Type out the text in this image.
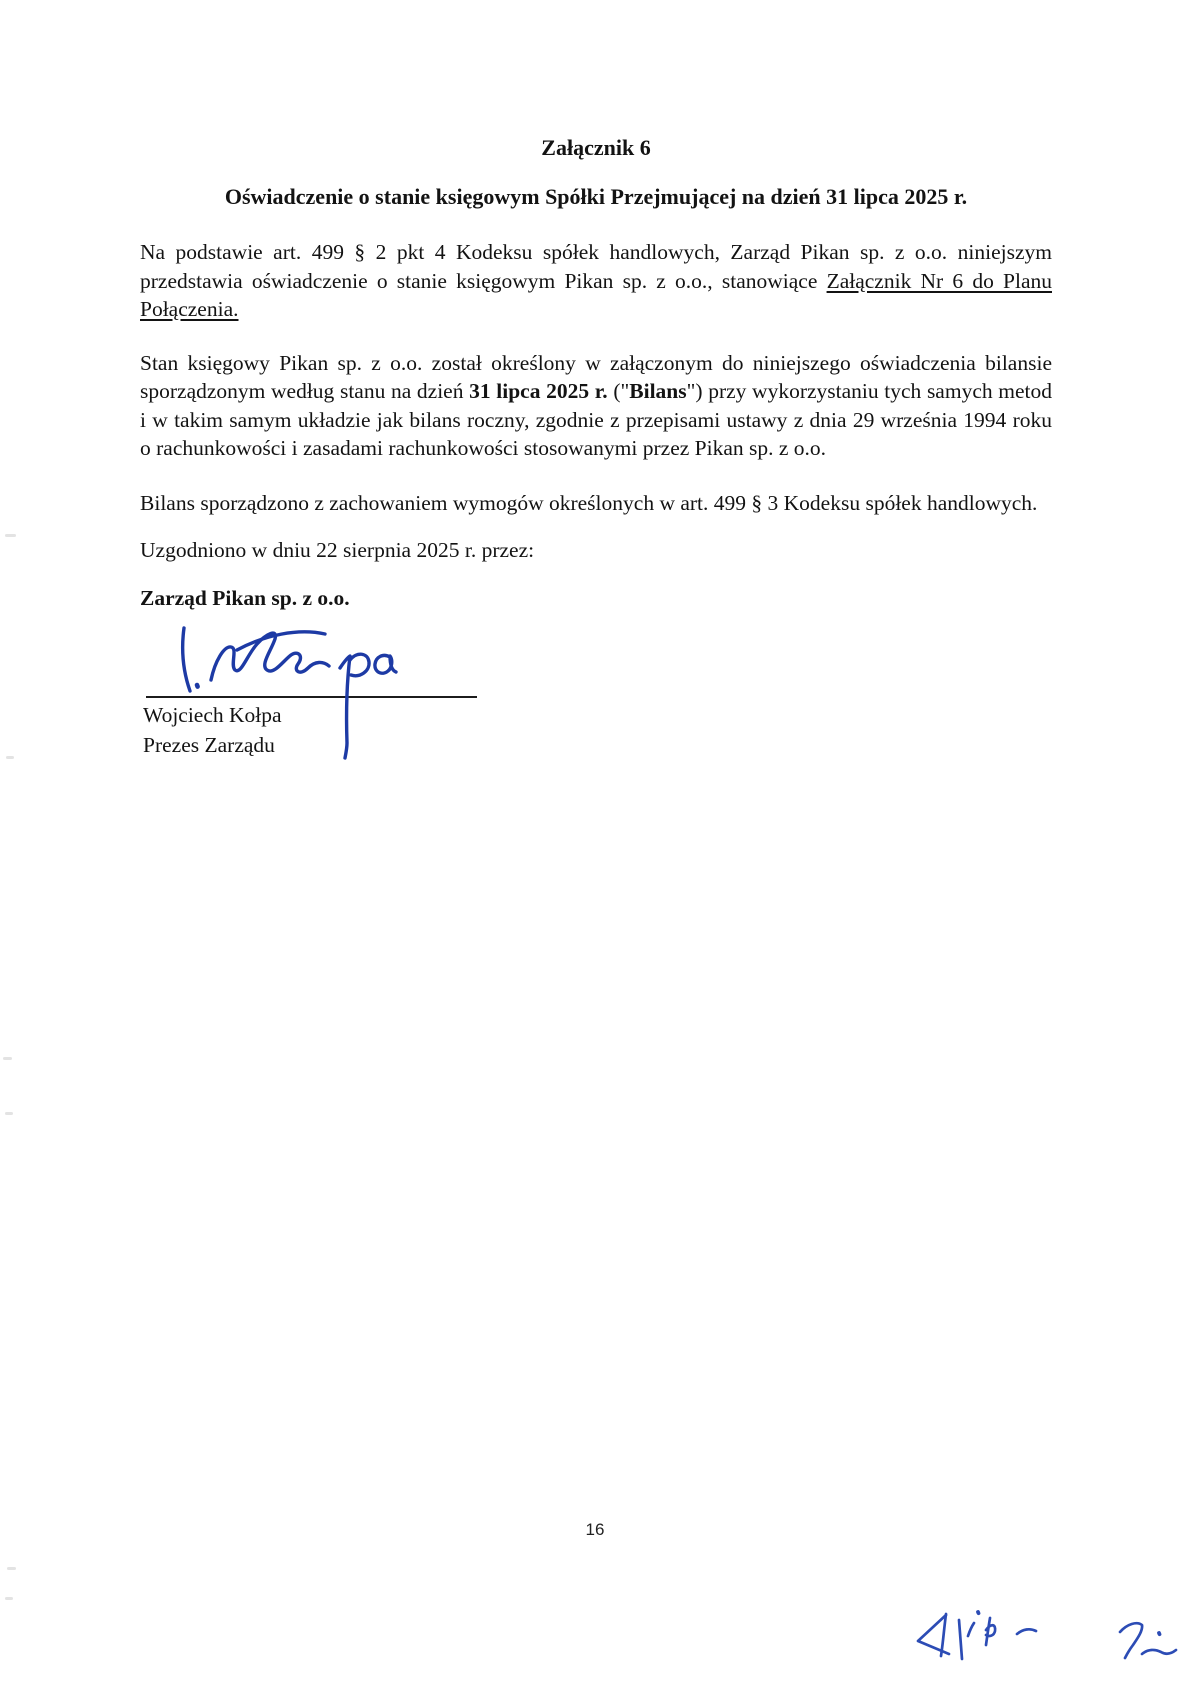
Załącznik 6
Oświadczenie o stanie księgowym Spółki Przejmującej na dzień 31 lipca 2025 r.

Na podstawie art. 499 § 2 pkt 4 Kodeksu spółek handlowych, Zarząd Pikan sp. z o.o. niniejszym przedstawia oświadczenie o stanie księgowym Pikan sp. z o.o., stanowiące Załącznik Nr 6 do Planu Połączenia.

Stan księgowy Pikan sp. z o.o. został określony w załączonym do niniejszego oświadczenia bilansie sporządzonym według stanu na dzień 31 lipca 2025 r. ("Bilans") przy wykorzystaniu tych samych metod i w takim samym układzie jak bilans roczny, zgodnie z przepisami ustawy z dnia 29 września 1994 roku o rachunkowości i zasadami rachunkowości stosowanymi przez Pikan sp. z o.o.

Bilans sporządzono z zachowaniem wymogów określonych w art. 499 § 3 Kodeksu spółek handlowych.

Uzgodniono w dniu 22 sierpnia 2025 r. przez:

Zarząd Pikan sp. z o.o.

Wojciech Kołpa
Prezes Zarządu
16
